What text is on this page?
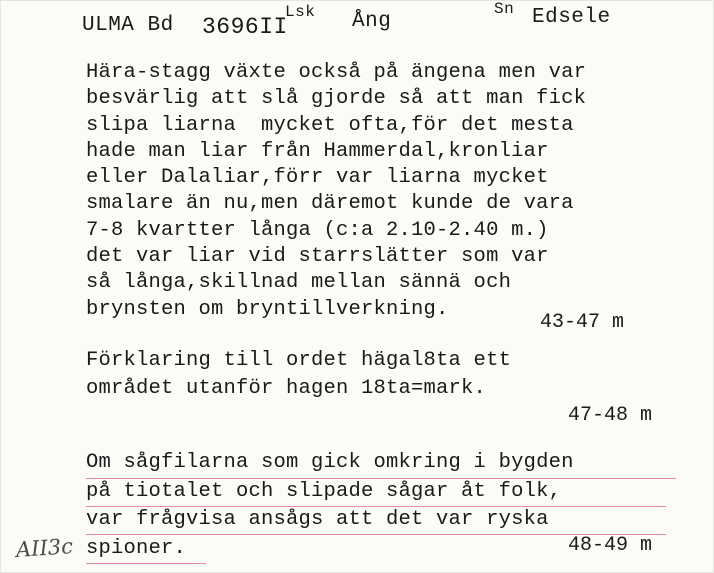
ULMA Bd 3696II
Lsk Ång
Sn Edsele
Hära-stagg växte också på ängena men var
besvärlig att slå gjorde så att man fick
slipa liarna  mycket ofta,för det mesta
hade man liar från Hammerdal,kronliar
eller Dalaliar,förr var liarna mycket
smalare än nu,men däremot kunde de vara
7-8 kvartter långa (c:a 2.10-2.40 m.)
det var liar vid starrslätter som var
så långa,skillnad mellan sännä och
brynsten om bryntillverkning.
43-47 m
Förklaring till ordet hägal8ta ett
området utanför hagen 18ta=mark.
47-48 m
Om sågfilarna som gick omkring i bygden
på tiotalet och slipade sågar åt folk,
var frågvisa ansågs att det var ryska
spioner.	48-49 m
AII3c
